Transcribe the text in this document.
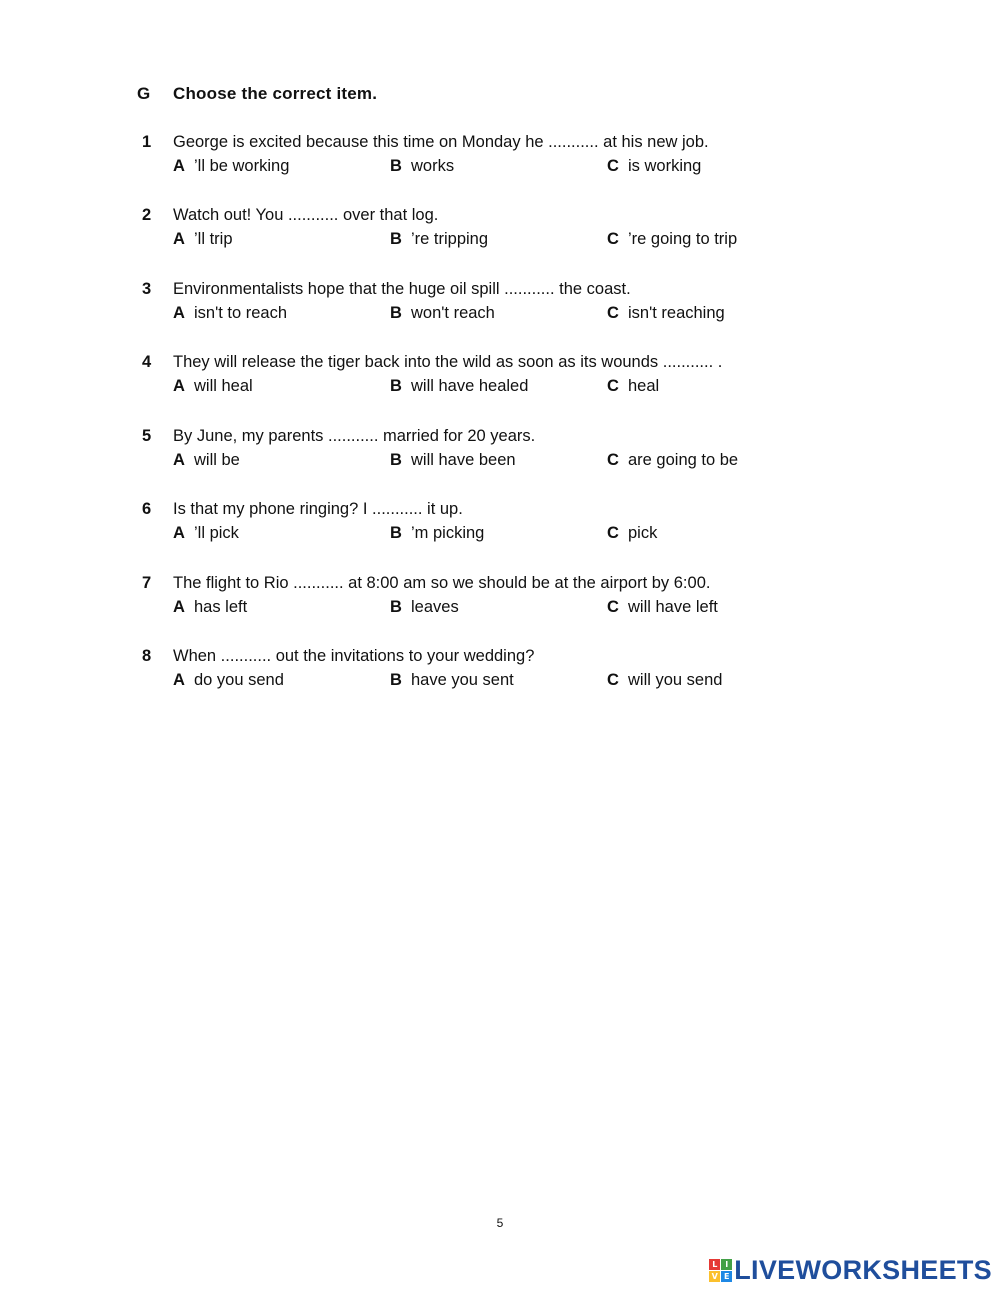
G Choose the correct item.
1 George is excited because this time on Monday he ........... at his new job.
A ’ll be working	B works	C is working
2 Watch out! You ........... over that log.
A ’ll trip	B ’re tripping	C ’re going to trip
3 Environmentalists hope that the huge oil spill ........... the coast.
A isn't to reach	B won't reach	C isn't reaching
4 They will release the tiger back into the wild as soon as its wounds ........... .
A will heal	B will have healed	C heal
5 By June, my parents ........... married for 20 years.
A will be	B will have been	C are going to be
6 Is that my phone ringing? I ........... it up.
A ’ll pick	B ’m picking	C pick
7 The flight to Rio ........... at 8:00 am so we should be at the airport by 6:00.
A has left	B leaves	C will have left
8 When ........... out the invitations to your wedding?
A do you send	B have you sent	C will you send
5
L I
V E LIVEWORKSHEETS
